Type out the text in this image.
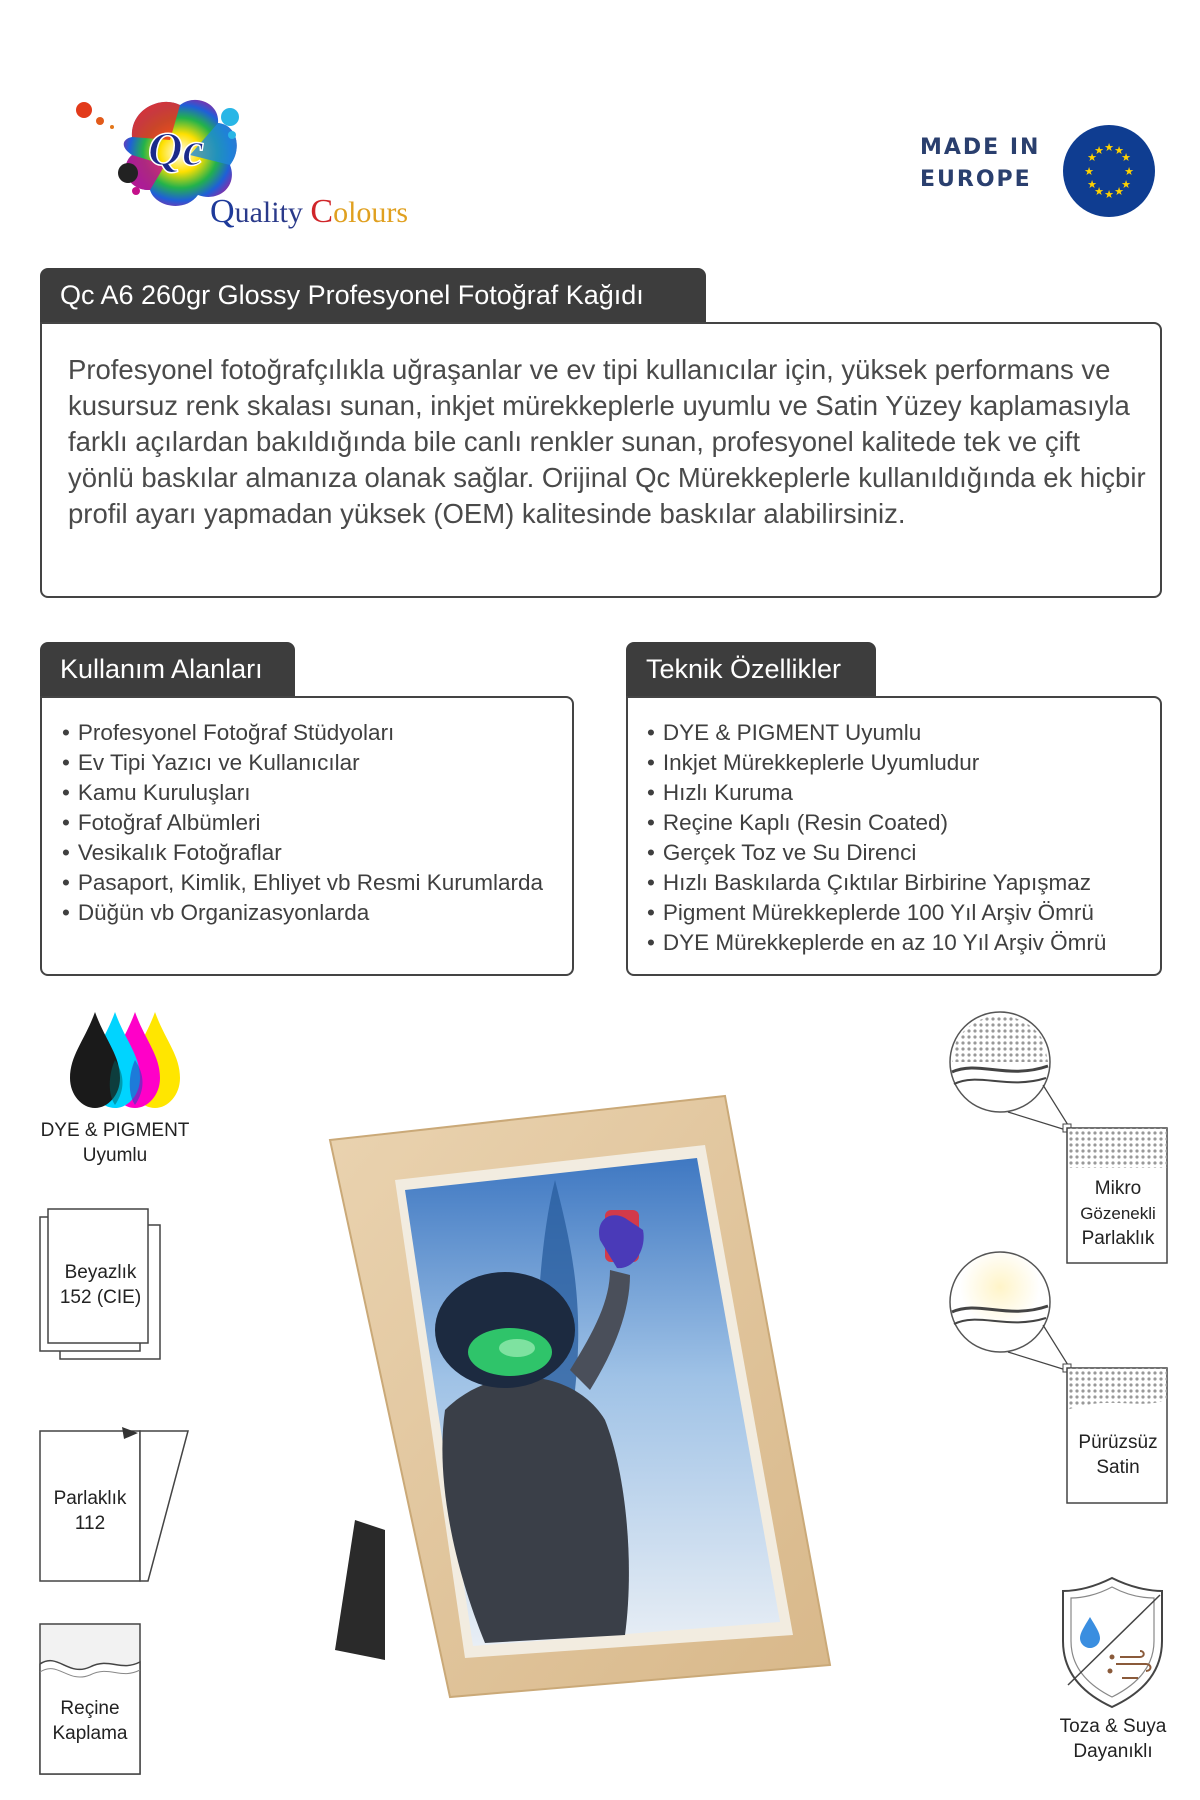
Qc
Quality Colours
MADE IN
EUROPE
★ ★
★
★
★
★
★
★
★
★
★
★
Qc A6 260gr Glossy Profesyonel Fotoğraf Kağıdı

Profesyonel fotoğrafçılıkla uğraşanlar ve ev tipi kullanıcılar için, yüksek performans ve kusursuz renk skalası sunan, inkjet mürekkeplerle uyumlu ve Satin Yüzey kaplamasıyla farklı açılardan bakıldığında bile canlı renkler sunan, profesyonel kalitede tek ve çift yönlü baskılar almanıza olanak sağlar. Orijinal Qc Mürekkeplerle kullanıldığında ek hiçbir profil ayarı yapmadan yüksek (OEM) kalitesinde baskılar alabilirsiniz.

Kullanım Alanları
• Profesyonel Fotoğraf Stüdyoları
• Ev Tipi Yazıcı ve Kullanıcılar
• Kamu Kuruluşları
• Fotoğraf Albümleri
• Vesikalık Fotoğraflar
• Pasaport, Kimlik, Ehliyet vb Resmi Kurumlarda
• Düğün vb Organizasyonlarda
Teknik Özellikler
• DYE & PIGMENT Uyumlu
• Inkjet Mürekkeplerle Uyumludur
• Hızlı Kuruma
• Reçine Kaplı (Resin Coated)
• Gerçek Toz ve Su Direnci
• Hızlı Baskılarda Çıktılar Birbirine Yapışmaz
• Pigment Mürekkeplerde 100 Yıl Arşiv Ömrü
• DYE Mürekkeplerde en az 10 Yıl Arşiv Ömrü
DYE & PIGMENT
Uyumlu
Beyazlık
152 (CIE)
Parlaklık
112
Reçine
Kaplama
Mikro
Gözenekli
Parlaklık
Pürüzsüz
Satin
Toza & Suya
Dayanıklı
